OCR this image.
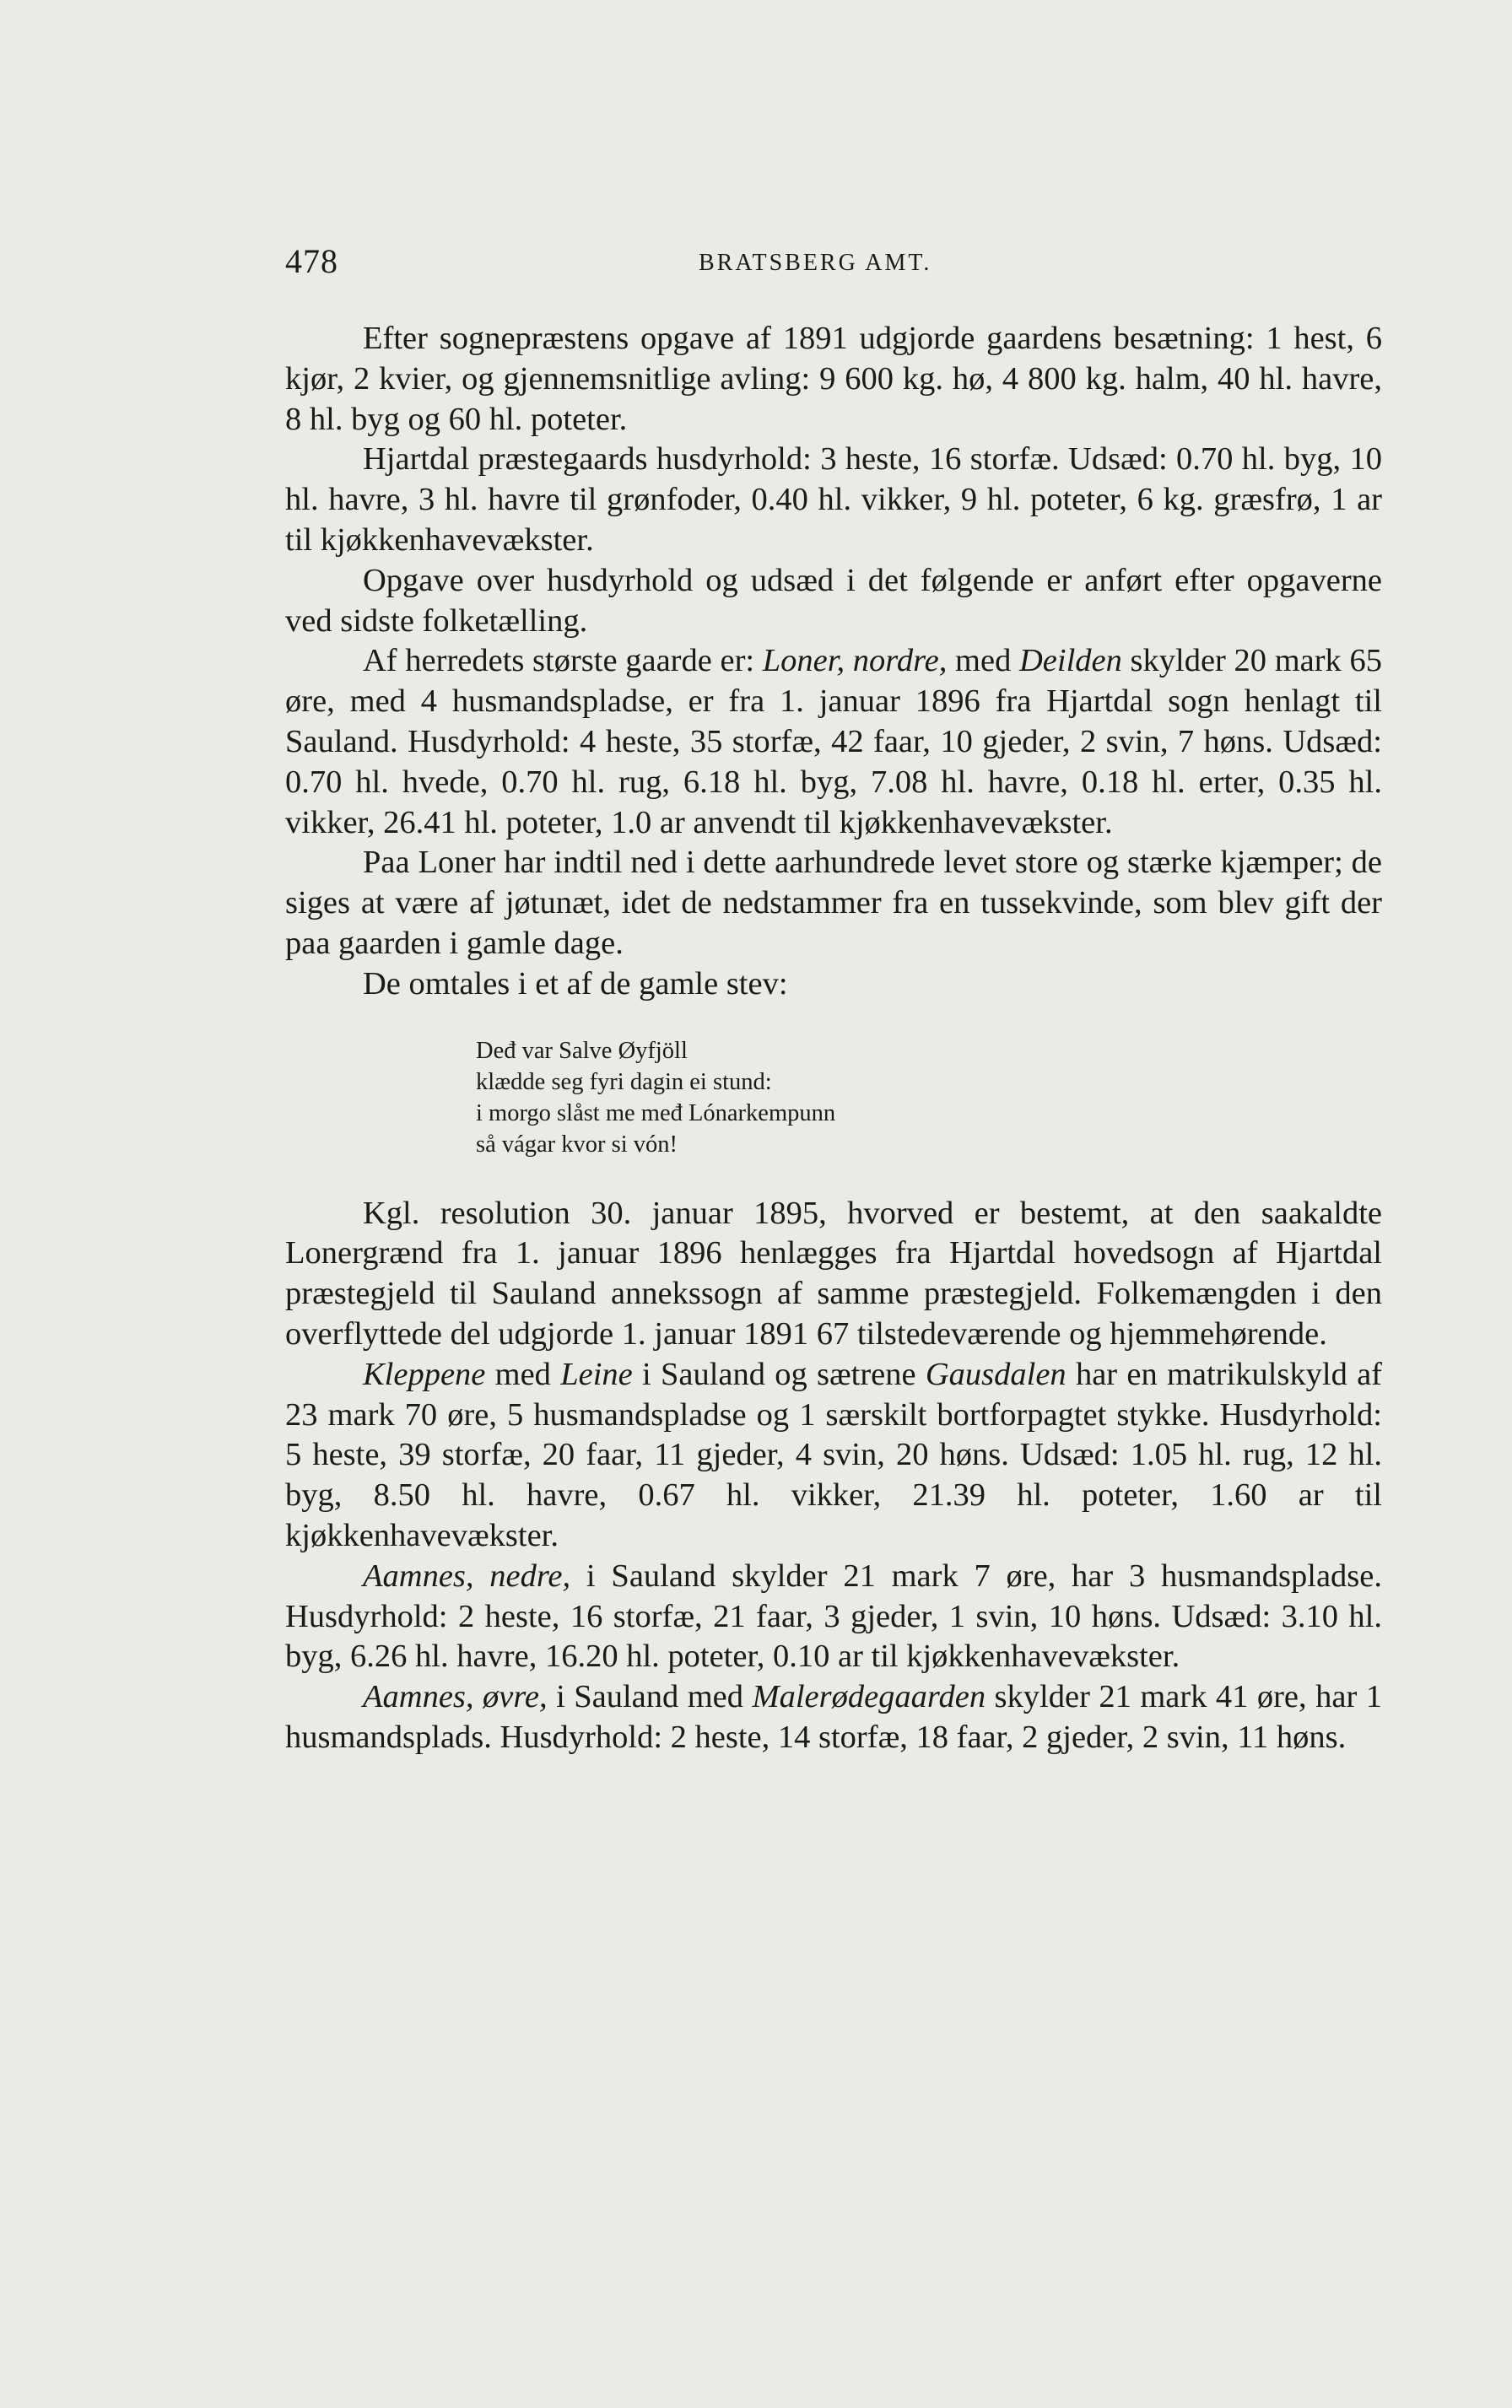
478	BRATSBERG AMT.

Efter sognepræstens opgave af 1891 udgjorde gaardens besætning: 1 hest, 6 kjør, 2 kvier, og gjennemsnitlige avling: 9 600 kg. hø, 4 800 kg. halm, 40 hl. havre, 8 hl. byg og 60 hl. poteter.

Hjartdal præstegaards husdyrhold: 3 heste, 16 storfæ. Udsæd: 0.70 hl. byg, 10 hl. havre, 3 hl. havre til grønfoder, 0.40 hl. vikker, 9 hl. poteter, 6 kg. græsfrø, 1 ar til kjøkkenhavevækster.

Opgave over husdyrhold og udsæd i det følgende er anført efter opgaverne ved sidste folketælling.

Af herredets største gaarde er: Loner, nordre, med Deilden skylder 20 mark 65 øre, med 4 husmandspladse, er fra 1. januar 1896 fra Hjartdal sogn henlagt til Sauland. Husdyrhold: 4 heste, 35 storfæ, 42 faar, 10 gjeder, 2 svin, 7 høns. Udsæd: 0.70 hl. hvede, 0.70 hl. rug, 6.18 hl. byg, 7.08 hl. havre, 0.18 hl. erter, 0.35 hl. vikker, 26.41 hl. poteter, 1.0 ar anvendt til kjøkkenhavevækster.

Paa Loner har indtil ned i dette aarhundrede levet store og stærke kjæmper; de siges at være af jøtunæt, idet de nedstammer fra en tussekvinde, som blev gift der paa gaarden i gamle dage.

De omtales i et af de gamle stev:

Deđ var Salve Øyfjöll
klædde seg fyri dagin ei stund:
i morgo slåst me međ Lónarkempunn
så vágar kvor si vón!

Kgl. resolution 30. januar 1895, hvorved er bestemt, at den saakaldte Lonergrænd fra 1. januar 1896 henlægges fra Hjartdal hovedsogn af Hjartdal præstegjeld til Sauland annekssogn af samme præstegjeld. Folkemængden i den overflyttede del udgjorde 1. januar 1891 67 tilstedeværende og hjemmehørende.

Kleppene med Leine i Sauland og sætrene Gausdalen har en matrikulskyld af 23 mark 70 øre, 5 husmandspladse og 1 særskilt bortforpagtet stykke. Husdyrhold: 5 heste, 39 storfæ, 20 faar, 11 gjeder, 4 svin, 20 høns. Udsæd: 1.05 hl. rug, 12 hl. byg, 8.50 hl. havre, 0.67 hl. vikker, 21.39 hl. poteter, 1.60 ar til kjøkkenhavevækster.

Aamnes, nedre, i Sauland skylder 21 mark 7 øre, har 3 husmandspladse. Husdyrhold: 2 heste, 16 storfæ, 21 faar, 3 gjeder, 1 svin, 10 høns. Udsæd: 3.10 hl. byg, 6.26 hl. havre, 16.20 hl. poteter, 0.10 ar til kjøkkenhavevækster.

Aamnes, øvre, i Sauland med Malerødegaarden skylder 21 mark 41 øre, har 1 husmandsplads. Husdyrhold: 2 heste, 14 storfæ, 18 faar, 2 gjeder, 2 svin, 11 høns.
